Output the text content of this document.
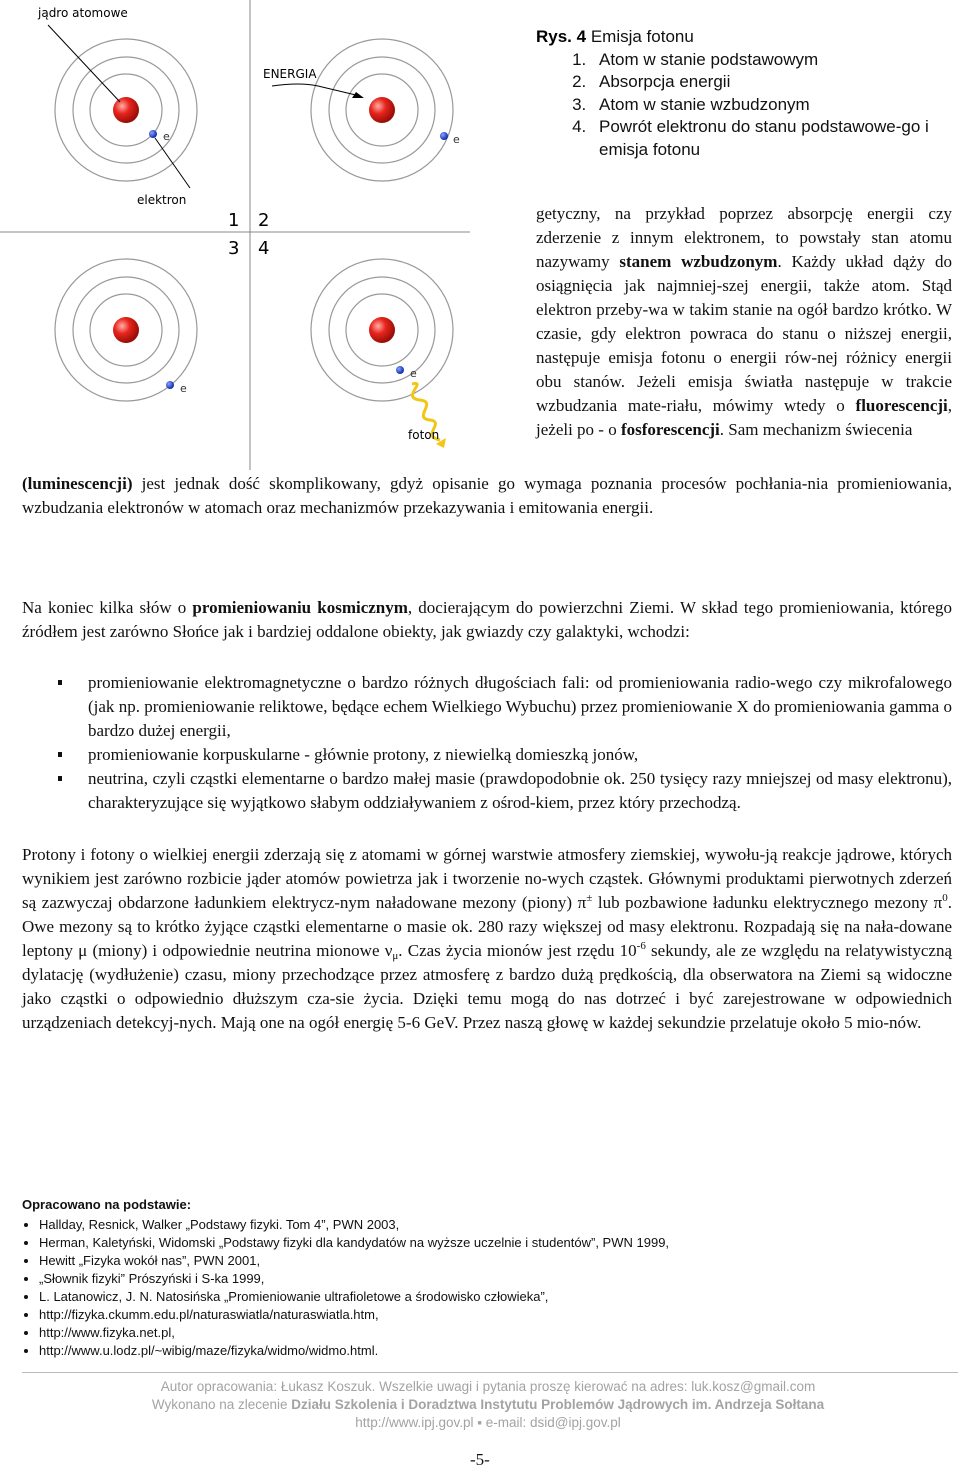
e
jądro atomowe
elektron
e
ENERGIA
1 2
3 4
e
e
foton
Rys. 4 Emisja fotonu
1. Atom w stanie podstawowym
2. Absorpcja energii
3. Atom w stanie wzbudzonym
4. Powrót elektronu do stanu podstawowe-go i emisja fotonu
getyczny, na przykład poprzez absorpcję energii czy zderzenie z innym elektronem, to powstały stan atomu nazywamy stanem wzbudzonym. Każdy układ dąży do osiągnięcia jak najmniej-szej energii, także atom. Stąd elektron przeby-wa w takim stanie na ogół bardzo krótko. W czasie, gdy elektron powraca do stanu o niższej energii, następuje emisja fotonu o energii rów-nej różnicy energii obu stanów. Jeżeli emisja światła następuje w trakcie wzbudzania mate-riału, mówimy wtedy o fluorescencji, jeżeli po - o fosforescencji. Sam mechanizm świecenia
(luminescencji) jest jednak dość skomplikowany, gdyż opisanie go wymaga poznania procesów pochłania-nia promieniowania, wzbudzania elektronów w atomach oraz mechanizmów przekazywania i emitowania energii.
Na koniec kilka słów o promieniowaniu kosmicznym, docierającym do powierzchni Ziemi. W skład tego promieniowania, którego źródłem jest zarówno Słońce jak i bardziej oddalone obiekty, jak gwiazdy czy galaktyki, wchodzi:
promieniowanie elektromagnetyczne o bardzo różnych długościach fali: od promieniowania radio-wego czy mikrofalowego (jak np. promieniowanie reliktowe, będące echem Wielkiego Wybuchu) przez promieniowanie X do promieniowania gamma o bardzo dużej energii,
promieniowanie korpuskularne - głównie protony, z niewielką domieszką jonów,
neutrina, czyli cząstki elementarne o bardzo małej masie (prawdopodobnie ok. 250 tysięcy razy mniejszej od masy elektronu), charakteryzujące się wyjątkowo słabym oddziaływaniem z ośrod-kiem, przez który przechodzą.
Protony i fotony o wielkiej energii zderzają się z atomami w górnej warstwie atmosfery ziemskiej, wywołu-ją reakcje jądrowe, których wynikiem jest zarówno rozbicie jąder atomów powietrza jak i tworzenie no-wych cząstek. Głównymi produktami pierwotnych zderzeń są zazwyczaj obdarzone ładunkiem elektrycz-nym naładowane mezony (piony) π± lub pozbawione ładunku elektrycznego mezony $\pi^0$. Owe mezony są to krótko żyjące cząstki elementarne o masie ok. 280 razy większej od masy elektronu. Rozpadają się na nała-dowane leptony μ (miony) i odpowiednie neutrina mionowe $\nu_\mu$. Czas życia mionów jest rzędu $10^{-6}$ sekundy, ale ze względu na relatywistyczną dylatację (wydłużenie) czasu, miony przechodzące przez atmosferę z bardzo dużą prędkością, dla obserwatora na Ziemi są widoczne jako cząstki o odpowiednio dłuższym cza-sie życia. Dzięki temu mogą do nas dotrzeć i być zarejestrowane w odpowiednich urządzeniach detekcyj-nych. Mają one na ogół energię 5-6 GeV. Przez naszą głowę w każdej sekundzie przelatuje około 5 mio-nów.
Opracowano na podstawie:
Hallday, Resnick, Walker „Podstawy fizyki. Tom 4”, PWN 2003,
Herman, Kaletyński, Widomski „Podstawy fizyki dla kandydatów na wyższe uczelnie i studentów”, PWN 1999,
Hewitt „Fizyka wokół nas”, PWN 2001,
„Słownik fizyki” Prószyński i S-ka 1999,
L. Latanowicz, J. N. Natosińska „Promieniowanie ultrafioletowe a środowisko człowieka”,
http://fizyka.ckumm.edu.pl/naturaswiatla/naturaswiatla.htm,
http://www.fizyka.net.pl,
http://www.u.lodz.pl/~wibig/maze/fizyka/widmo/widmo.html.
Autor opracowania: Łukasz Koszuk. Wszelkie uwagi i pytania proszę kierować na adres: luk.kosz@gmail.com
Wykonano na zlecenie Działu Szkolenia i Doradztwa Instytutu Problemów Jądrowych im. Andrzeja Sołtana
http://www.ipj.gov.pl ▪ e-mail: dsid@ipj.gov.pl
-5-
